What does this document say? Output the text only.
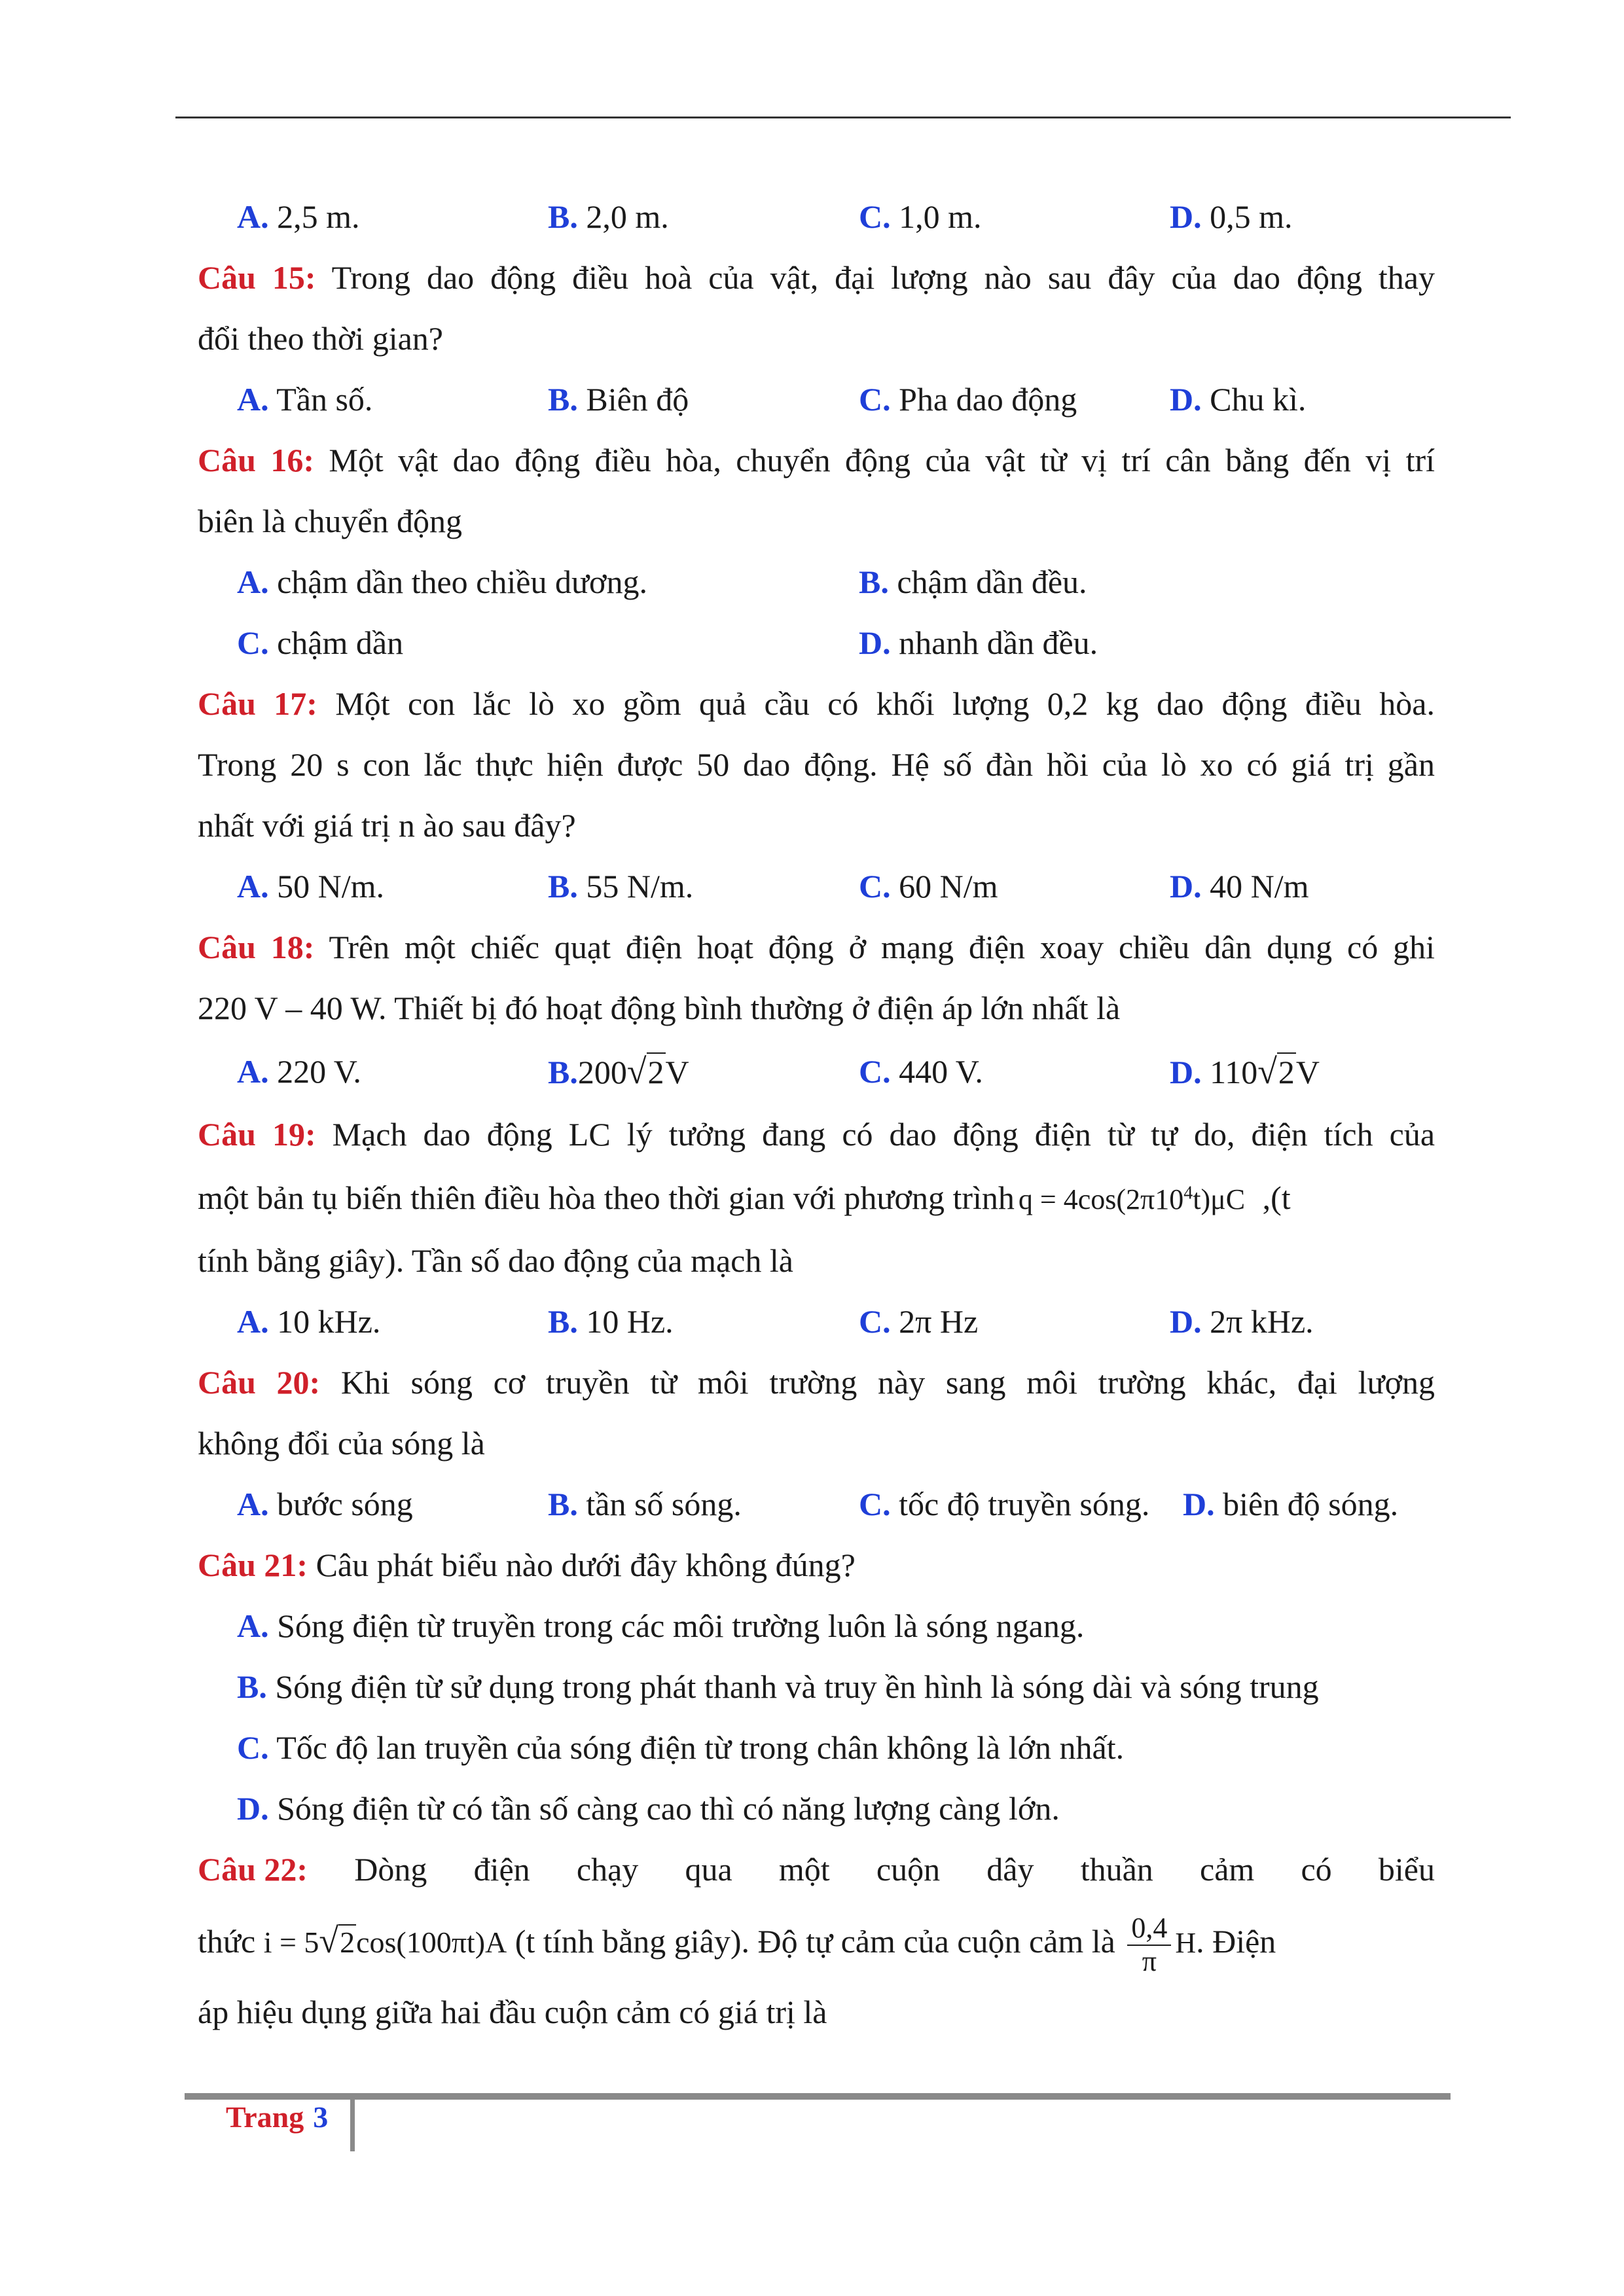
A. 2,5 m.	B. 2,0 m.	C. 1,0 m.	D. 0,5 m.
Câu 15: Trong dao động điều hoà của vật, đại lượng nào sau đây của dao động thay
đổi theo thời gian?
A. Tần số.	B. Biên độ	C. Pha dao động	D. Chu kì.
Câu 16: Một vật dao động điều hòa, chuyển động của vật từ vị trí cân bằng đến vị trí
biên là chuyển động
A. chậm dần theo chiều dương.	B. chậm dần đều.
C. chậm dần	D. nhanh dần đều.
Câu 17: Một con lắc lò xo gồm quả cầu có khối lượng 0,2 kg dao động điều hòa.
Trong 20 s con lắc thực hiện được 50 dao động. Hệ số đàn hồi của lò xo có giá trị gần
nhất với giá trị n ào sau đây?
A. 50 N/m.	B. 55 N/m.	C. 60 N/m	D. 40 N/m
Câu 18: Trên một chiếc quạt điện hoạt động ở mạng điện xoay chiều dân dụng có ghi
220 V – 40 W. Thiết bị đó hoạt động bình thường ở điện áp lớn nhất là
A. 220 V.	B.200√2V	C. 440 V.	D. 110√2V
Câu 19: Mạch dao động LC lý tưởng đang có dao động điện từ tự do, điện tích của
một bản tụ biến thiên điều hòa theo thời gian với phương trình $q = 4\cos(2\pi 10^4t)\mu C$ ,(t
tính bằng giây). Tần số dao động của mạch là
A. 10 kHz.	B. 10 Hz.	C. 2π Hz	D. 2π kHz.
Câu 20: Khi sóng cơ truyền từ môi trường này sang môi trường khác, đại lượng
không đổi của sóng là
A. bước sóng	B. tần số sóng.	C. tốc độ truyền sóng. D. biên độ sóng.
Câu 21: Câu phát biểu nào dưới đây không đúng?
A. Sóng điện từ truyền trong các môi trường luôn là sóng ngang.
B. Sóng điện từ sử dụng trong phát thanh và truy ền hình là sóng dài và sóng trung
C. Tốc độ lan truyền của sóng điện từ trong chân không là lớn nhất.
D. Sóng điện từ có tần số càng cao thì có năng lượng càng lớn.
Câu 22: Dòng điện chạy qua một cuộn dây thuần cảm có biểu
thức i = 5√2cos(100πt)A (t tính bằng giây). Độ tự cảm của cuộn cảm là $\frac{0,4}{\pi} H$. Điện
áp hiệu dụng giữa hai đầu cuộn cảm có giá trị là
Trang 3
